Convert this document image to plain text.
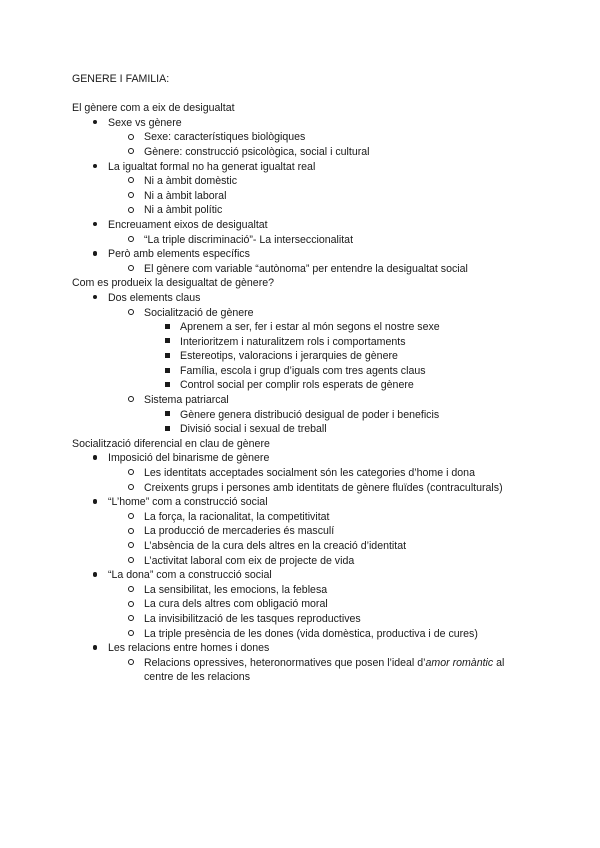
GENERE I FAMILIA:

El gènere com a eix de desigualtat

Sexe vs gènere
Sexe: característiques biològiques
Gènere: construcció psicològica, social i cultural
La igualtat formal no ha generat igualtat real
Ni a àmbit domèstic
Ni a àmbit laboral
Ni a àmbit polític
Encreuament eixos de desigualtat
“La triple discriminació”- La interseccionalitat
Però amb elements específics
El gènere com variable “autònoma” per entendre la desigualtat social

Com es produeix la desigualtat de gènere?

Dos elements claus
Socialització de gènere
Aprenem a ser, fer i estar al món segons el nostre sexe
Interioritzem i naturalitzem rols i comportaments
Estereotips, valoracions i jerarquies de gènere
Família, escola i grup d’iguals com tres agents claus
Control social per complir rols esperats de gènere
Sistema patriarcal
Gènere genera distribució desigual de poder i beneficis
Divisió social i sexual de treball

Socialització diferencial en clau de gènere

Imposició del binarisme de gènere
Les identitats acceptades socialment són les categories d’home i dona
Creixents grups i persones amb identitats de gènere fluïdes (contraculturals)
“L’home” com a construcció social
La força, la racionalitat, la competitivitat
La producció de mercaderies és masculí
L’absència de la cura dels altres en la creació d’identitat
L’activitat laboral com eix de projecte de vida
“La dona” com a construcció social
La sensibilitat, les emocions, la feblesa
La cura dels altres com obligació moral
La invisibilització de les tasques reproductives
La triple presència de les dones (vida domèstica, productiva i de cures)
Les relacions entre homes i dones
Relacions opressives, heteronormatives que posen l’ideal d’amor romàntic al centre de les relacions
